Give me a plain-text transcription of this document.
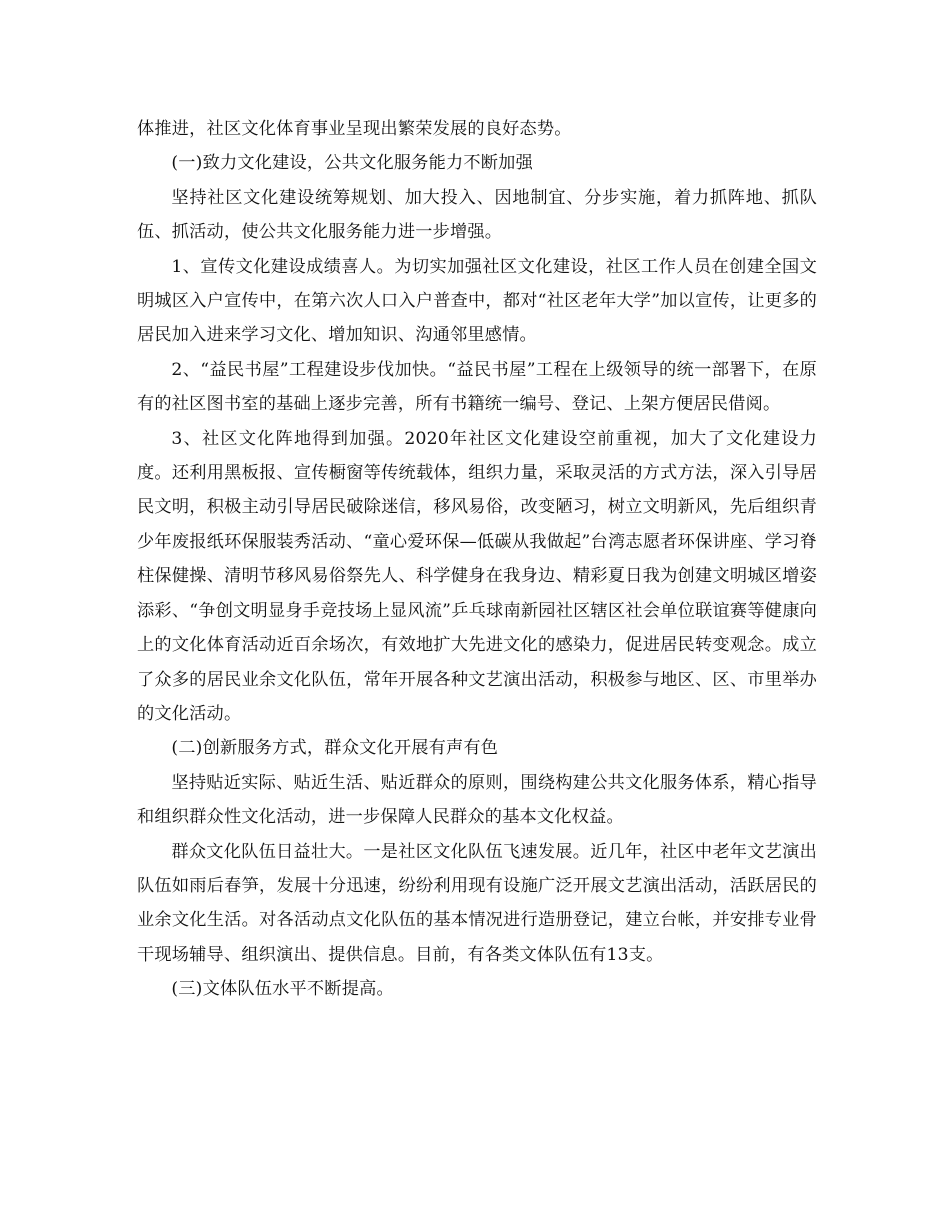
体推进，社区文化体育事业呈现出繁荣发展的良好态势。

(一)致力文化建设，公共文化服务能力不断加强

坚持社区文化建设统筹规划、加大投入、因地制宜、分步实施，着力抓阵地、抓队伍、抓活动，使公共文化服务能力进一步增强。

1、宣传文化建设成绩喜人。为切实加强社区文化建设，社区工作人员在创建全国文明城区入户宣传中，在第六次人口入户普查中，都对“社区老年大学”加以宣传，让更多的居民加入进来学习文化、增加知识、沟通邻里感情。

2、“益民书屋”工程建设步伐加快。“益民书屋”工程在上级领导的统一部署下，在原有的社区图书室的基础上逐步完善，所有书籍统一编号、登记、上架方便居民借阅。

3、社区文化阵地得到加强。2020年社区文化建设空前重视，加大了文化建设力度。还利用黑板报、宣传橱窗等传统载体，组织力量，采取灵活的方式方法，深入引导居民文明，积极主动引导居民破除迷信，移风易俗，改变陋习，树立文明新风，先后组织青少年废报纸环保服装秀活动、“童心爱环保—低碳从我做起”台湾志愿者环保讲座、学习脊柱保健操、清明节移风易俗祭先人、科学健身在我身边、精彩夏日我为创建文明城区增姿添彩、“争创文明显身手竞技场上显风流”乒乓球南新园社区辖区社会单位联谊赛等健康向上的文化体育活动近百余场次，有效地扩大先进文化的感染力，促进居民转变观念。成立了众多的居民业余文化队伍，常年开展各种文艺演出活动，积极参与地区、区、市里举办的文化活动。

(二)创新服务方式，群众文化开展有声有色

坚持贴近实际、贴近生活、贴近群众的原则，围绕构建公共文化服务体系，精心指导和组织群众性文化活动，进一步保障人民群众的基本文化权益。

群众文化队伍日益壮大。一是社区文化队伍飞速发展。近几年，社区中老年文艺演出队伍如雨后春笋，发展十分迅速，纷纷利用现有设施广泛开展文艺演出活动，活跃居民的业余文化生活。对各活动点文化队伍的基本情况进行造册登记，建立台帐，并安排专业骨干现场辅导、组织演出、提供信息。目前，有各类文体队伍有13支。

(三)文体队伍水平不断提高。
